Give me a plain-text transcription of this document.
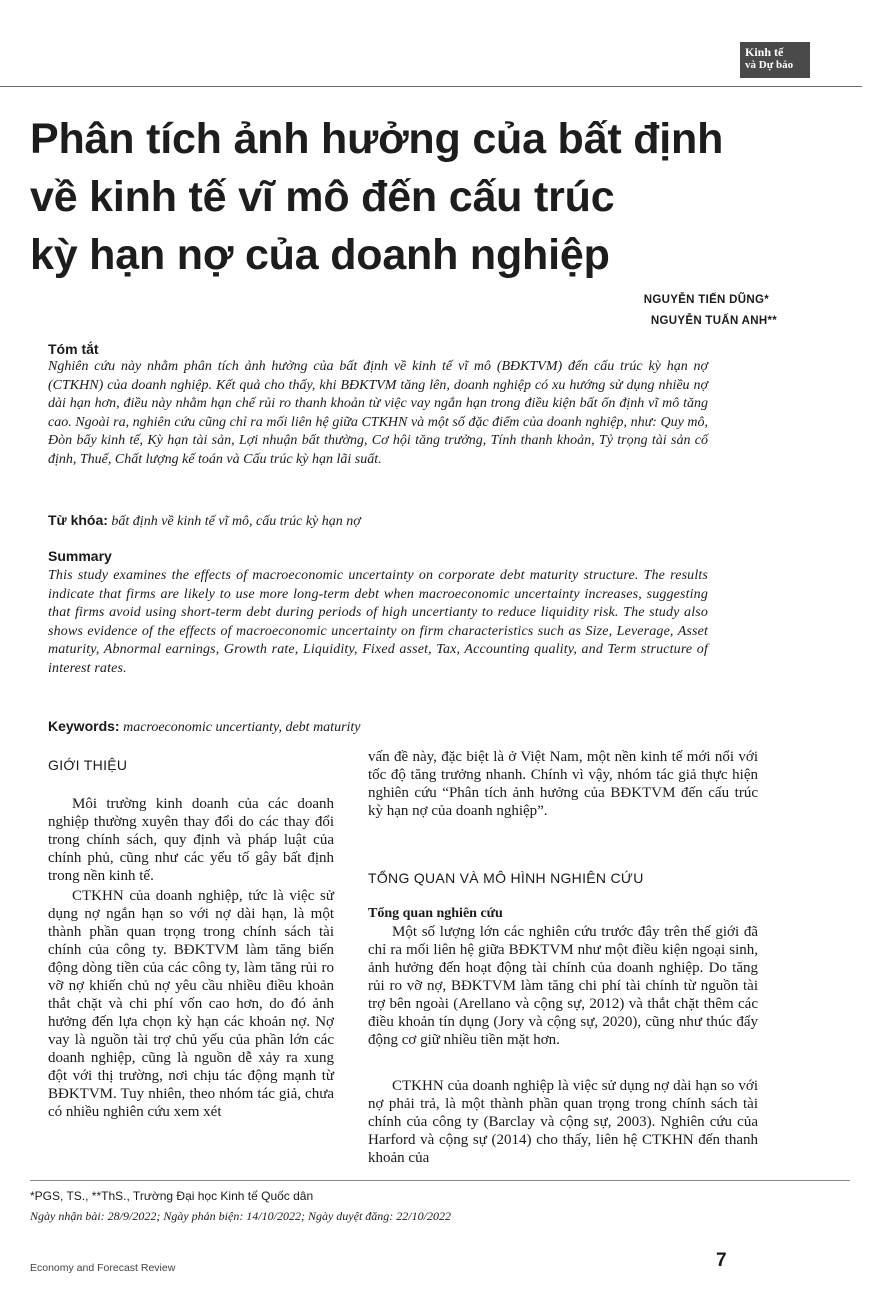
Kinh tế
và Dự báo
Phân tích ảnh hưởng của bất định
về kinh tế vĩ mô đến cấu trúc
kỳ hạn nợ của doanh nghiệp
NGUYỄN TIẾN DŨNG*
NGUYỄN TUẤN ANH**
Tóm tắt

Nghiên cứu này nhằm phân tích ảnh hưởng của bất định về kinh tế vĩ mô (BĐKTVM) đến cấu trúc kỳ hạn nợ (CTKHN) của doanh nghiệp. Kết quả cho thấy, khi BĐKTVM tăng lên, doanh nghiệp có xu hướng sử dụng nhiều nợ dài hạn hơn, điều này nhằm hạn chế rủi ro thanh khoản từ việc vay ngắn hạn trong điều kiện bất ổn định vĩ mô tăng cao. Ngoài ra, nghiên cứu cũng chỉ ra mối liên hệ giữa CTKHN và một số đặc điểm của doanh nghiệp, như: Quy mô, Đòn bẩy kinh tế, Kỳ hạn tài sản, Lợi nhuận bất thường, Cơ hội tăng trưởng, Tính thanh khoản, Tỷ trọng tài sản cố định, Thuế, Chất lượng kế toán và Cấu trúc kỳ hạn lãi suất.

Từ khóa: bất định về kinh tế vĩ mô, cấu trúc kỳ hạn nợ
Summary

This study examines the effects of macroeconomic uncertainty on corporate debt maturity structure. The results indicate that firms are likely to use more long-term debt when macroeconomic uncertainty increases, suggesting that firms avoid using short-term debt during periods of high uncertianty to reduce liquidity risk. The study also shows evidence of the effects of macroeconomic uncertainty on firm characteristics such as Size, Leverage, Asset maturity, Abnormal earnings, Growth rate, Liquidity, Fixed asset, Tax, Accounting quality, and Term structure of interest rates.

Keywords: macroeconomic uncertianty, debt maturity
GIỚI THIỆU

Môi trường kinh doanh của các doanh nghiệp thường xuyên thay đổi do các thay đổi trong chính sách, quy định và pháp luật của chính phủ, cũng như các yếu tố gây bất định trong nền kinh tế.

CTKHN của doanh nghiệp, tức là việc sử dụng nợ ngắn hạn so với nợ dài hạn, là một thành phần quan trọng trong chính sách tài chính của công ty. BĐKTVM làm tăng biến động dòng tiền của các công ty, làm tăng rủi ro vỡ nợ khiến chủ nợ yêu cầu nhiều điều khoản thắt chặt và chi phí vốn cao hơn, do đó ảnh hưởng đến lựa chọn kỳ hạn các khoản nợ. Nợ vay là nguồn tài trợ chủ yếu của phần lớn các doanh nghiệp, cũng là nguồn dễ xảy ra xung đột với thị trường, nơi chịu tác động mạnh từ BĐKTVM. Tuy nhiên, theo nhóm tác giả, chưa có nhiều nghiên cứu xem xét

vấn đề này, đặc biệt là ở Việt Nam, một nền kinh tế mới nổi với tốc độ tăng trưởng nhanh. Chính vì vậy, nhóm tác giả thực hiện nghiên cứu “Phân tích ảnh hưởng của BĐKTVM đến cấu trúc kỳ hạn nợ của doanh nghiệp”.

TỔNG QUAN VÀ MÔ HÌNH NGHIÊN CỨU
Tổng quan nghiên cứu

Một số lượng lớn các nghiên cứu trước đây trên thế giới đã chỉ ra mối liên hệ giữa BĐKTVM như một điều kiện ngoại sinh, ảnh hưởng đến hoạt động tài chính của doanh nghiệp. Do tăng rủi ro vỡ nợ, BĐKTVM làm tăng chi phí tài chính từ nguồn tài trợ bên ngoài (Arellano và cộng sự, 2012) và thắt chặt thêm các điều khoản tín dụng (Jory và cộng sự, 2020), cũng như thúc đẩy động cơ giữ nhiều tiền mặt hơn.

CTKHN của doanh nghiệp là việc sử dụng nợ dài hạn so với nợ phải trả, là một thành phần quan trọng trong chính sách tài chính của công ty (Barclay và cộng sự, 2003). Nghiên cứu của Harford và cộng sự (2014) cho thấy, liên hệ CTKHN đến thanh khoản của

*PGS, TS., **ThS., Trường Đại học Kinh tế Quốc dân
Ngày nhận bài: 28/9/2022; Ngày phản biện: 14/10/2022; Ngày duyệt đăng: 22/10/2022
Economy and Forecast Review	7
